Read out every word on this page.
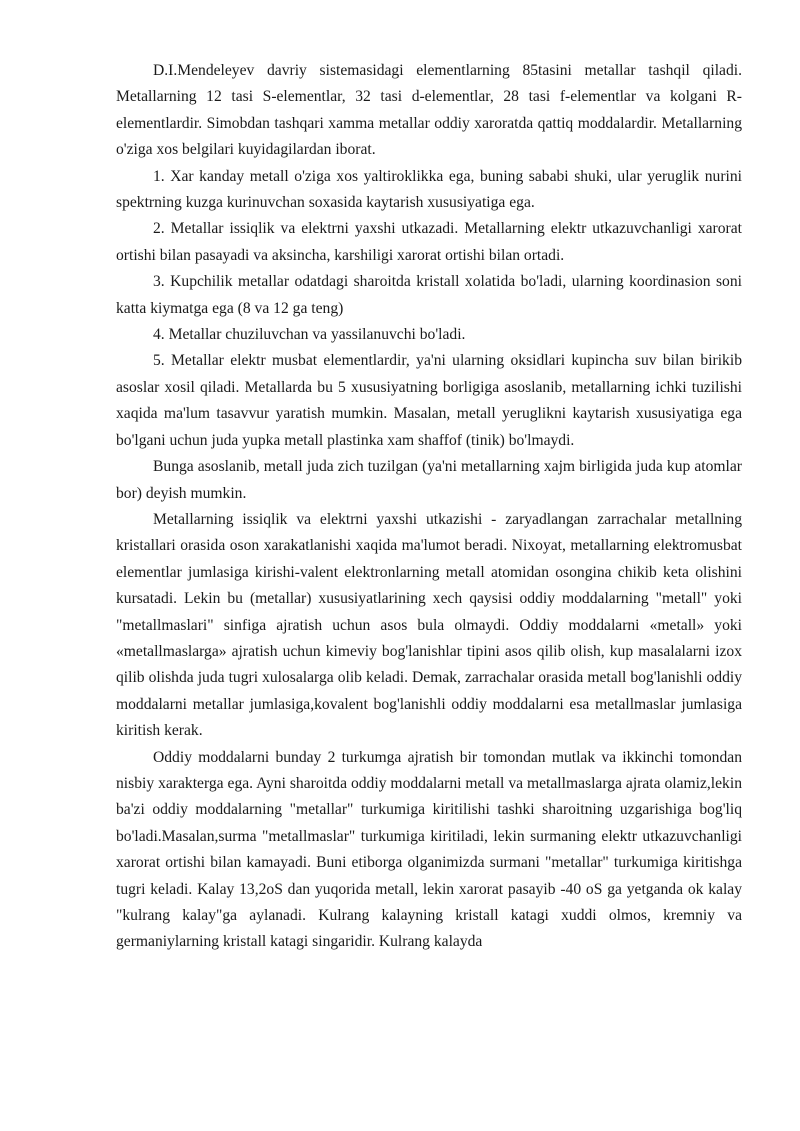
D.I.Mendeleyev davriy sistemasidagi elementlarning 85tasini metallar tashqil qiladi. Metallarning 12 tasi S-elementlar, 32 tasi d-elementlar, 28 tasi f-elementlar va kolgani R-elementlardir. Simobdan tashqari xamma metallar oddiy xaroratda qattiq moddalardir. Metallarning o'ziga xos belgilari kuyidagilardan iborat.

1. Xar kanday metall o'ziga xos yaltiroklikka ega, buning sababi shuki, ular yeruglik nurini spektrning kuzga kurinuvchan soxasida kaytarish xususiyatiga ega.

2. Metallar issiqlik va elektrni yaxshi utkazadi. Metallarning elektr utkazuvchanligi xarorat ortishi bilan pasayadi va aksincha, karshiligi xarorat ortishi bilan ortadi.

3. Kupchilik metallar odatdagi sharoitda kristall xolatida bo'ladi, ularning koordinasion soni katta kiymatga ega (8 va 12 ga teng)

4. Metallar chuziluvchan va yassilanuvchi bo'ladi.

5. Metallar elektr musbat elementlardir, ya'ni ularning oksidlari kupincha suv bilan birikib asoslar xosil qiladi. Metallarda bu 5 xususiyatning borligiga asoslanib, metallarning ichki tuzilishi xaqida ma'lum tasavvur yaratish mumkin. Masalan, metall yeruglikni kaytarish xususiyatiga ega bo'lgani uchun juda yupka metall plastinka xam shaffof (tinik) bo'lmaydi.

Bunga asoslanib, metall juda zich tuzilgan (ya'ni metallarning xajm birligida juda kup atomlar bor) deyish mumkin.

Metallarning issiqlik va elektrni yaxshi utkazishi - zaryadlangan zarrachalar metallning kristallari orasida oson xarakatlanishi xaqida ma'lumot beradi. Nixoyat, metallarning elektromusbat elementlar jumlasiga kirishi-valent elektronlarning metall atomidan osongina chikib keta olishini kursatadi. Lekin bu (metallar) xususiyatlarining xech qaysisi oddiy moddalarning "metall" yoki "metallmaslari" sinfiga ajratish uchun asos bula olmaydi. Oddiy moddalarni «metall» yoki «metallmaslarga» ajratish uchun kimeviy bog'lanishlar tipini asos qilib olish, kup masalalarni izox qilib olishda juda tugri xulosalarga olib keladi. Demak, zarrachalar orasida metall bog'lanishli oddiy moddalarni metallar jumlasiga,kovalent bog'lanishli oddiy moddalarni esa metallmaslar jumlasiga kiritish kerak.

Oddiy moddalarni bunday 2 turkumga ajratish bir tomondan mutlak va ikkinchi tomondan nisbiy xarakterga ega. Ayni sharoitda oddiy moddalarni metall va metallmaslarga ajrata olamiz,lekin ba'zi oddiy moddalarning "metallar" turkumiga kiritilishi tashki sharoitning uzgarishiga bog'liq bo'ladi.Masalan,surma "metallmaslar" turkumiga kiritiladi, lekin surmaning elektr utkazuvchanligi xarorat ortishi bilan kamayadi. Buni etiborga olganimizda surmani "metallar" turkumiga kiritishga tugri keladi. Kalay 13,2oS dan yuqorida metall, lekin xarorat pasayib -40 oS ga yetganda ok kalay "kulrang kalay"ga aylanadi. Kulrang kalayning kristall katagi xuddi olmos, kremniy va germaniylarning kristall katagi singaridir. Kulrang kalayda
